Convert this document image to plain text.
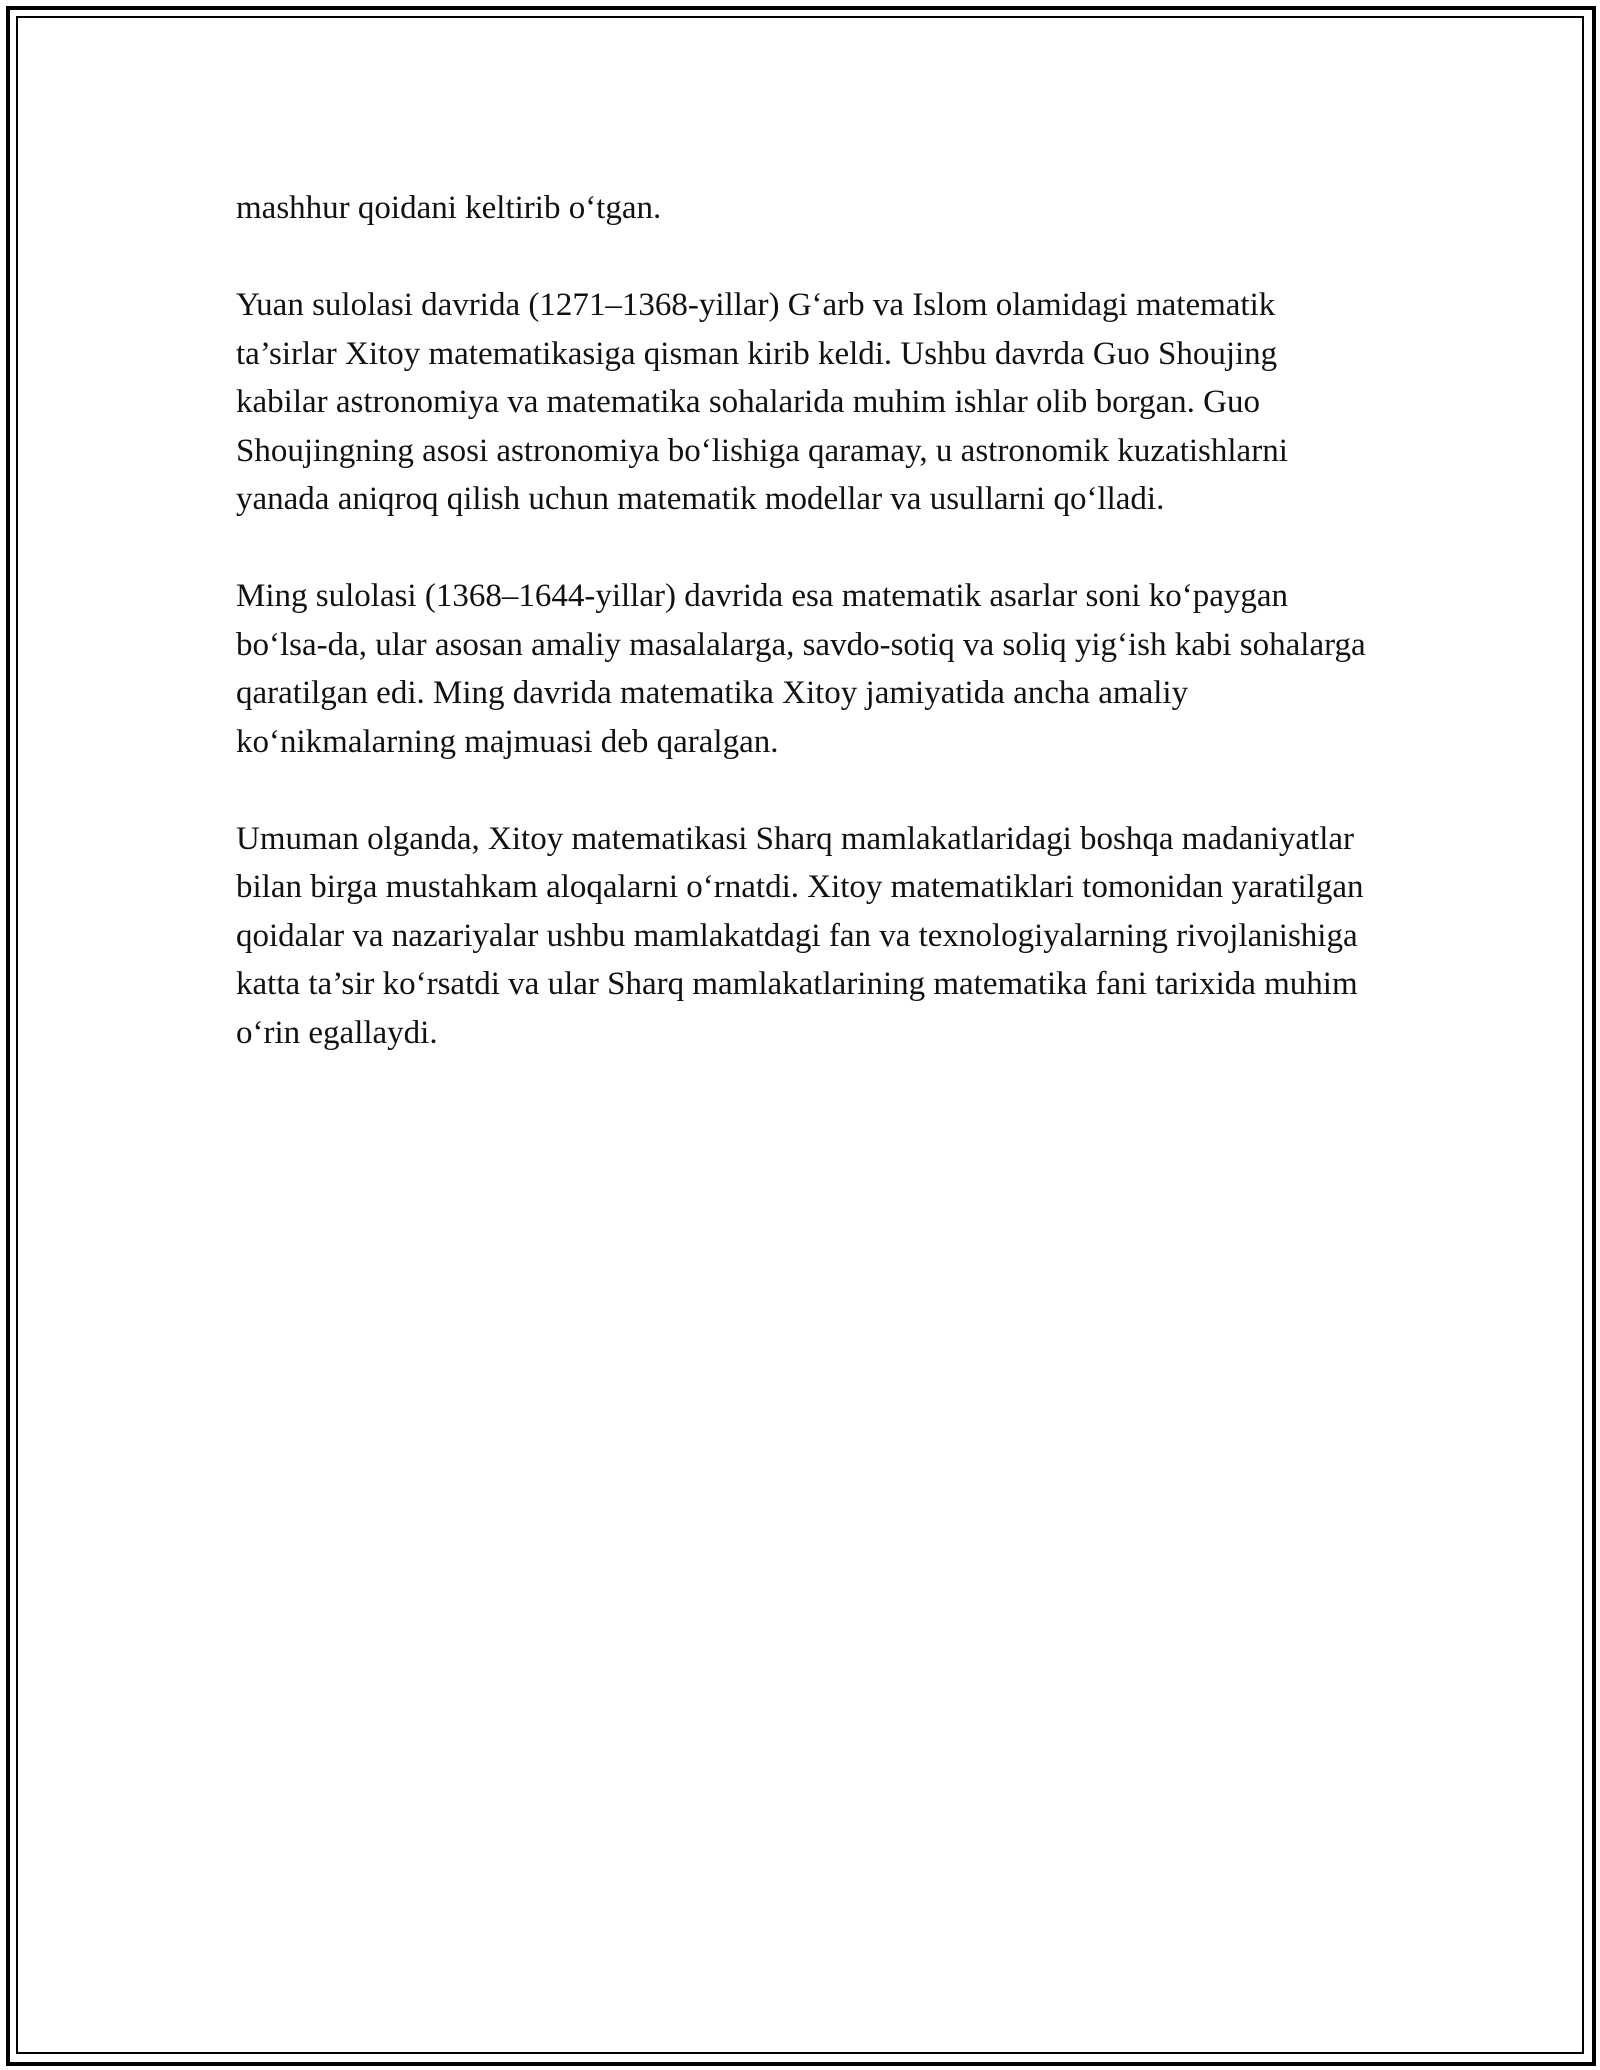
mashhur qoidani keltirib o‘tgan.

Yuan sulolasi davrida (1271–1368-yillar) G‘arb va Islom olamidagi matematik ta’sirlar Xitoy matematikasiga qisman kirib keldi. Ushbu davrda Guo Shoujing kabilar astronomiya va matematika sohalarida muhim ishlar olib borgan. Guo Shoujingning asosi astronomiya bo‘lishiga qaramay, u astronomik kuzatishlarni yanada aniqroq qilish uchun matematik modellar va usullarni qo‘lladi.

Ming sulolasi (1368–1644-yillar) davrida esa matematik asarlar soni ko‘paygan bo‘lsa-da, ular asosan amaliy masalalarga, savdo-sotiq va soliq yig‘ish kabi sohalarga qaratilgan edi. Ming davrida matematika Xitoy jamiyatida ancha amaliy ko‘nikmalarning majmuasi deb qaralgan.

Umuman olganda, Xitoy matematikasi Sharq mamlakatlaridagi boshqa madaniyatlar bilan birga mustahkam aloqalarni o‘rnatdi. Xitoy matematiklari tomonidan yaratilgan qoidalar va nazariyalar ushbu mamlakatdagi fan va texnologiyalarning rivojlanishiga katta ta’sir ko‘rsatdi va ular Sharq mamlakatlarining matematika fani tarixida muhim o‘rin egallaydi.
